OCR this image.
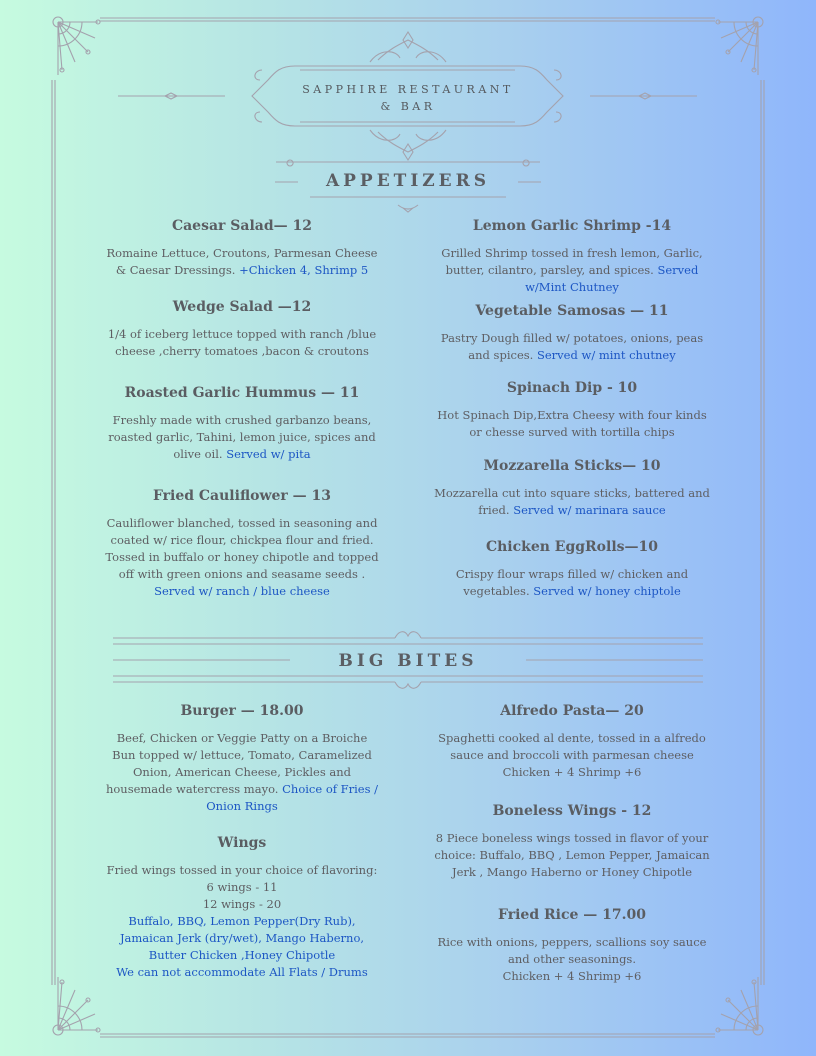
SAPPHIRE RESTAURANT
& BAR
APPETIZERS
Caesar Salad— 12

Romaine Lettuce, Croutons, Parmesan Cheese & Caesar Dressings. +Chicken 4, Shrimp 5

Wedge Salad —12

1/4 of iceberg lettuce topped with ranch /blue cheese ,cherry tomatoes ,bacon & croutons

Roasted Garlic Hummus — 11

Freshly made with crushed garbanzo beans, roasted garlic, Tahini, lemon juice, spices and olive oil. Served w/ pita

Fried Cauliflower — 13

Cauliflower blanched, tossed in seasoning and coated w/ rice flour, chickpea flour and fried. Tossed in buffalo or honey chipotle and topped off with green onions and seasame seeds . Served w/ ranch / blue cheese

Lemon Garlic Shrimp -14

Grilled Shrimp tossed in fresh lemon, Garlic, butter, cilantro, parsley, and spices. Served w/Mint Chutney

Vegetable Samosas — 11

Pastry Dough filled w/ potatoes, onions, peas and spices. Served w/ mint chutney

Spinach Dip - 10

Hot Spinach Dip,Extra Cheesy with four kinds or chesse surved with tortilla chips

Mozzarella Sticks— 10

Mozzarella cut into square sticks, battered and fried. Served w/ marinara sauce

Chicken EggRolls—10

Crispy flour wraps filled w/ chicken and vegetables. Served w/ honey chiptole

BIG BITES
Burger — 18.00

Beef, Chicken or Veggie Patty on a Broiche Bun topped w/ lettuce, Tomato, Caramelized Onion, American Cheese, Pickles and housemade watercress mayo. Choice of Fries / Onion Rings

Wings

Fried wings tossed in your choice of flavoring:
6 wings - 11
12 wings - 20
Buffalo, BBQ, Lemon Pepper(Dry Rub), Jamaican Jerk (dry/wet), Mango Haberno, Butter Chicken ,Honey Chipotle
We can not accommodate All Flats / Drums

Alfredo Pasta— 20

Spaghetti cooked al dente, tossed in a alfredo sauce and broccoli with parmesan cheese
Chicken + 4 Shrimp +6

Boneless Wings - 12

8 Piece boneless wings tossed in flavor of your choice: Buffalo, BBQ , Lemon Pepper, Jamaican Jerk , Mango Haberno or Honey Chipotle

Fried Rice — 17.00

Rice with onions, peppers, scallions soy sauce and other seasonings.
Chicken + 4 Shrimp +6
